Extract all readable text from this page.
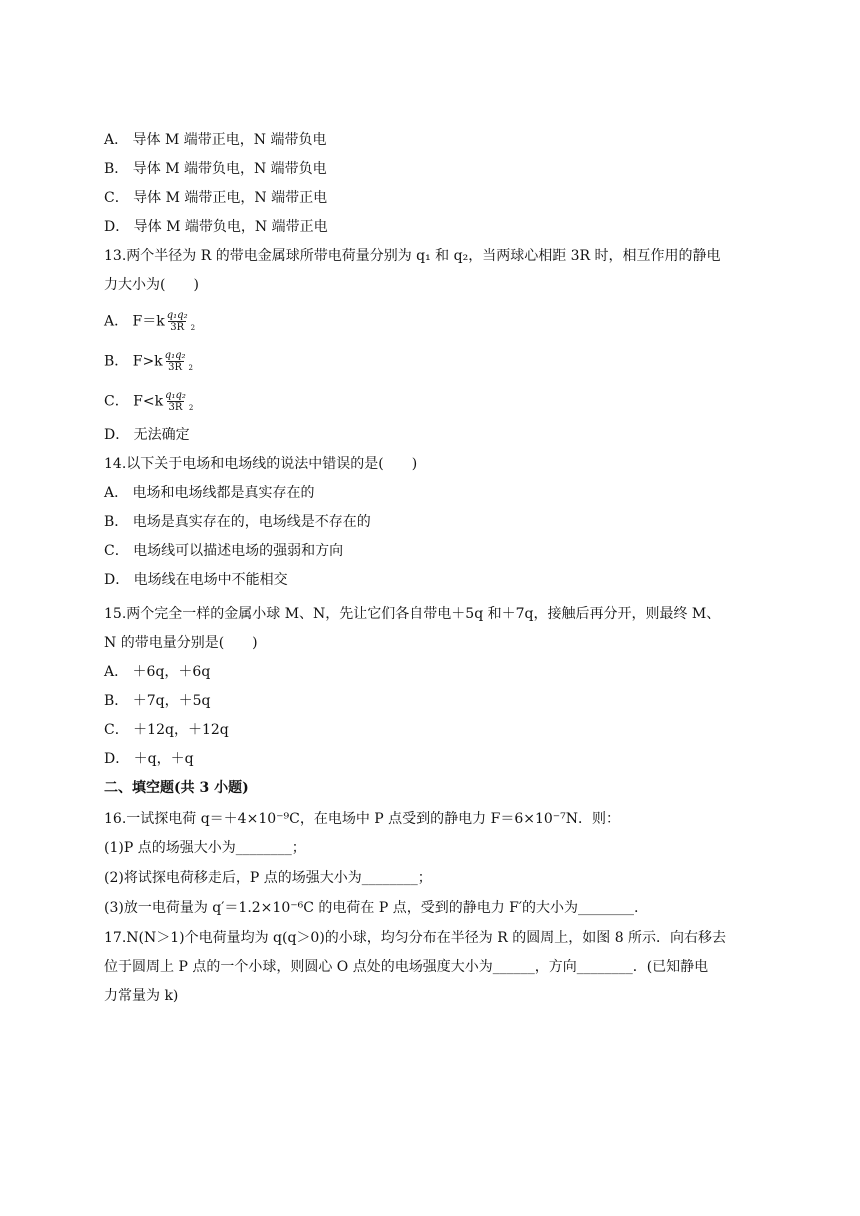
A． 导体 M 端带正电，N 端带负电
B． 导体 M 端带负电，N 端带负电
C． 导体 M 端带正电，N 端带正电
D． 导体 M 端带负电，N 端带正电
13.两个半径为 R 的带电金属球所带电荷量分别为 q₁ 和 q₂，当两球心相距 3R 时，相互作用的静电
力大小为(　　)
A． $F=k \frac{\text{q₁q₂}}{3R} _2$
B． $F>k \frac{\text{q₁q₂}}{3R} _2$
C． $F<k \frac{\text{q₁q₂}}{3R} _2$
D． 无法确定
14.以下关于电场和电场线的说法中错误的是(　　)
A． 电场和电场线都是真实存在的
B． 电场是真实存在的，电场线是不存在的
C． 电场线可以描述电场的强弱和方向
D． 电场线在电场中不能相交
15.两个完全一样的金属小球 M、N，先让它们各自带电＋5q 和＋7q，接触后再分开，则最终 M、
N 的带电量分别是(　　)
A． ＋6q，＋6q
B． ＋7q，＋5q
C． ＋12q，＋12q
D． ＋q，＋q
二、填空题(共 3 小题)
16.一试探电荷 q＝＋4×10⁻⁹C，在电场中 P 点受到的静电力 F＝6×10⁻⁷N．则：
(1)P 点的场强大小为________；
(2)将试探电荷移走后，P 点的场强大小为________；
(3)放一电荷量为 q′＝1.2×10⁻⁶C 的电荷在 P 点，受到的静电力 F′的大小为________.
17.N(N＞1)个电荷量均为 q(q＞0)的小球，均匀分布在半径为 R 的圆周上，如图 8 所示．向右移去
位于圆周上 P 点的一个小球，则圆心 O 点处的电场强度大小为______，方向________．(已知静电
力常量为 k)
